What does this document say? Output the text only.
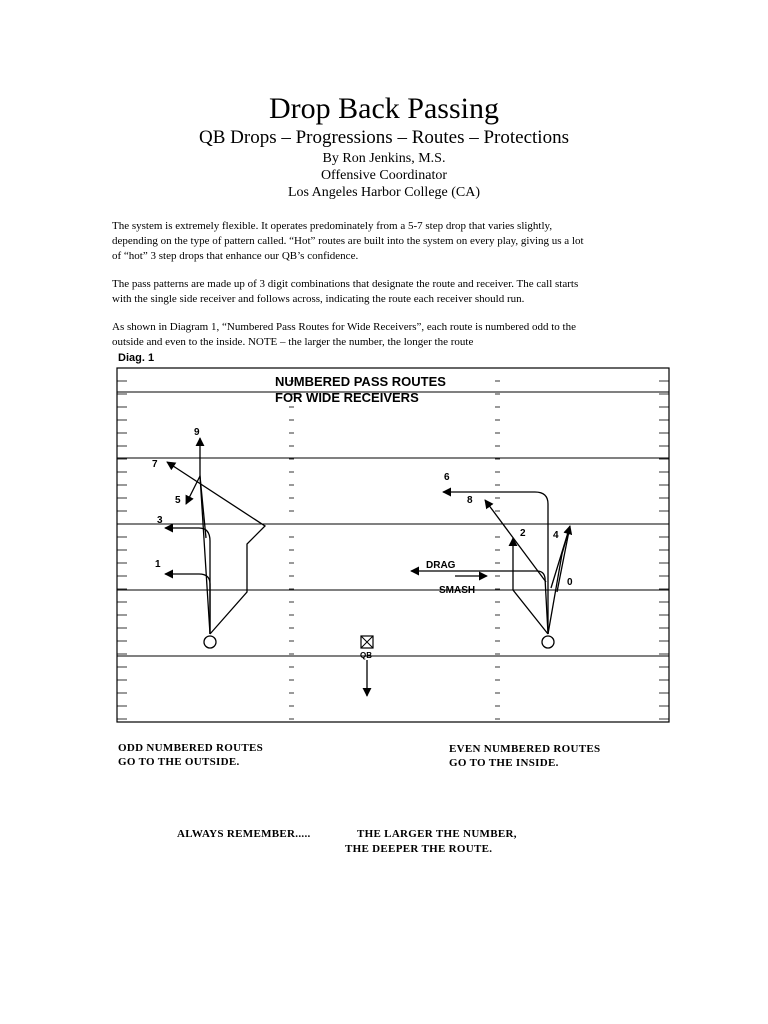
Drop Back Passing
QB Drops – Progressions – Routes – Protections
By Ron Jenkins, M.S.
Offensive Coordinator
Los Angeles Harbor College (CA)
The system is extremely flexible. It operates predominately from a 5-7 step drop that varies slightly,
depending on the type of pattern called. “Hot” routes are built into the system on every play, giving us a lot
of “hot” 3 step drops that enhance our QB’s confidence.
The pass patterns are made up of 3 digit combinations that designate the route and receiver. The call starts
with the single side receiver and follows across, indicating the route each receiver should run.
As shown in Diagram 1, “Numbered Pass Routes for Wide Receivers”, each route is numbered odd to the
outside and even to the inside. NOTE – the larger the number, the longer the route
Diag. 1
NUMBERED PASS ROUTES
FOR WIDE RECEIVERS
9
7
5
3
1
6
8
2	4
0
DRAG
SMASH
QB
ODD NUMBERED ROUTES
GO TO THE OUTSIDE.
EVEN NUMBERED ROUTES
GO TO THE INSIDE.
ALWAYS REMEMBER.....	THE LARGER THE NUMBER,
THE DEEPER THE ROUTE.
